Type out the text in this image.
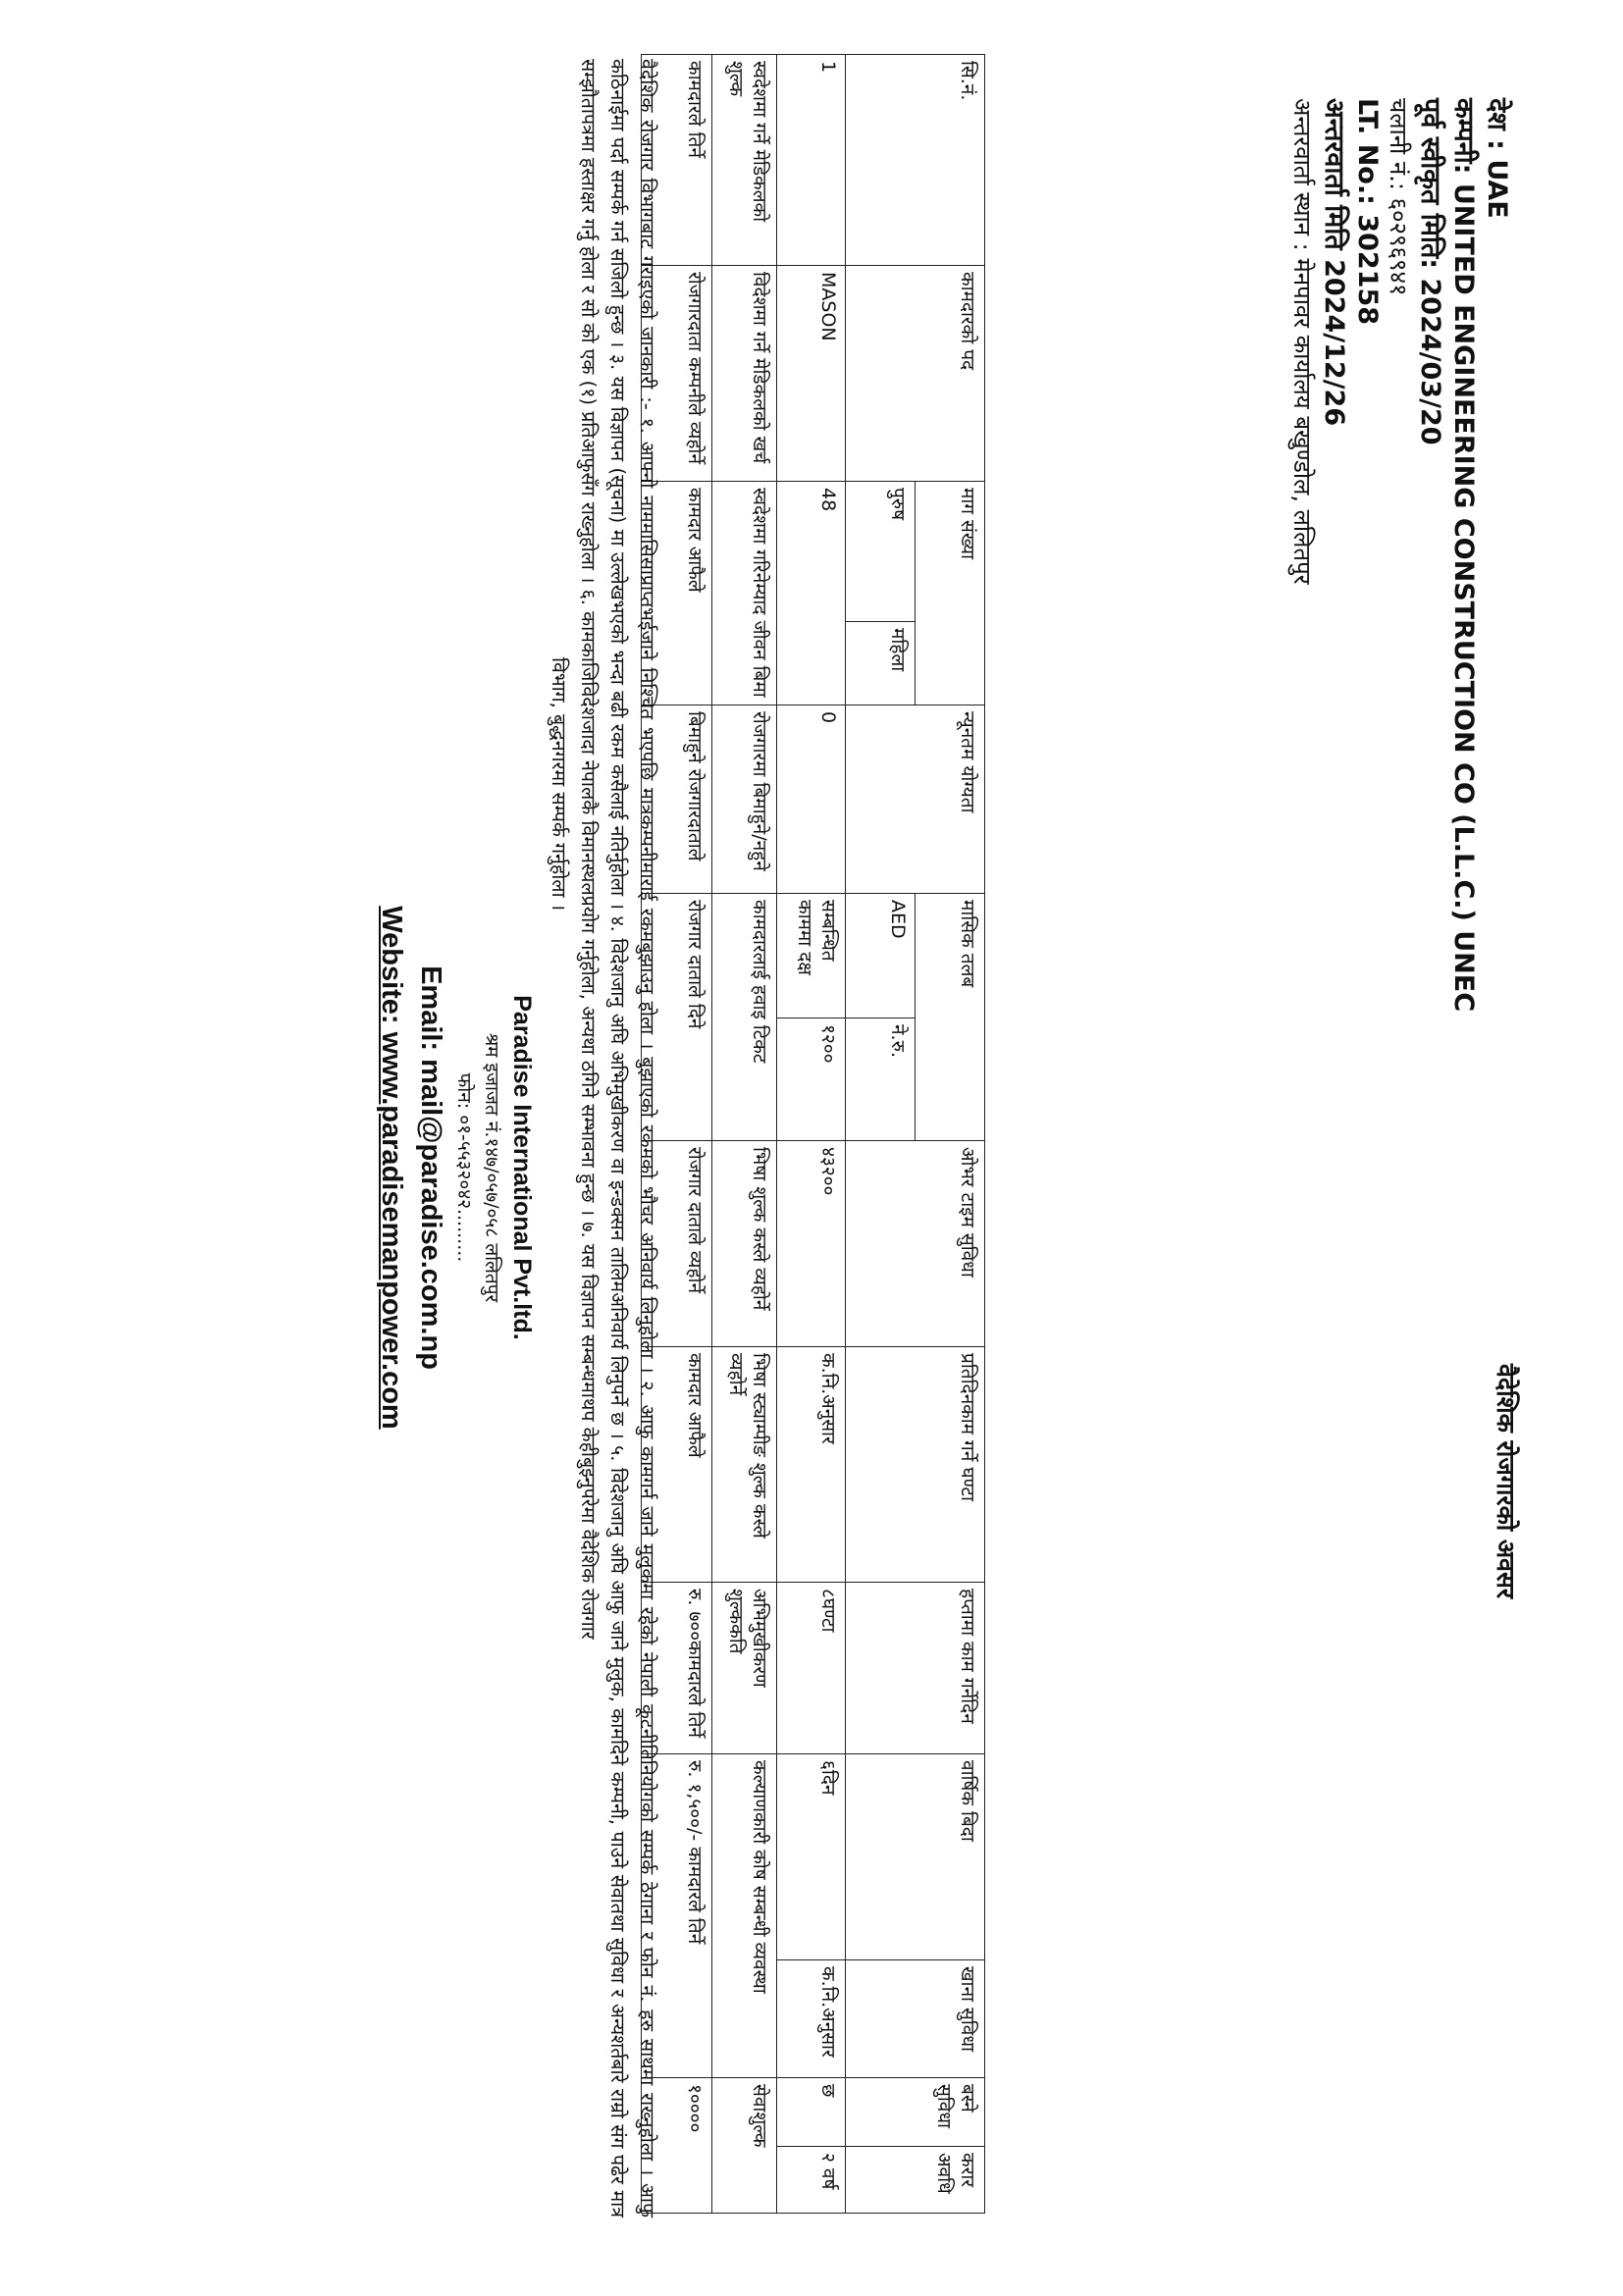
वैदेशिक रोजगारको अवसर
देश : UAE
कम्पनी: UNITED ENGINEERING CONSTRUCTION CO (L.L.C.) UNEC
पूर्व स्वीकृत मिति: 2024/03/20
चलानी नं.: ६०२९६९४१
LT. No.: 302158
अन्तरवार्ता मिति 2024/12/26
अन्तरवार्ता स्थान : मेनपावर कार्यालय बखुण्डोल, ललितपुर
सि.नं.	कामदारको पद	माग संख्या		न्यूनतम योग्यता	मासिक तलब		ओभर टाइम सुविधा	प्रतिदिनकाम गर्ने घण्टा	हप्तामा काम गर्नेदिन	वार्षिक बिदा	खाना सुविधा	बस्ने सुविधा	करार अवधि
		पुरुष	महिला		AED	ने.रु.							
1	MASON	48		0	सम्बन्धित काममा दक्ष	१२००	४३२००	क.नि.अनुसार	८घण्टा	६दिन	क.नि.अनुसार	छ	२ वर्ष
स्वदेशमा गर्ने मेडिकलको शुल्क	विदेशमा गर्ने मेडिकलको खर्च	स्वदेशमा गरिनेम्याद जीवन बिमा		रोजगारमा बिमाहुने/नहुने	कामदारलाई हवाइ टिकट		भिषा शुल्क कस्ले व्यहोर्ने	भिषा स्ट्याम्पीङ शुल्क कस्ले व्यहोर्ने	अभिमुखीकरण शुल्ककति	कल्याणकारी कोष सम्बन्धी व्यवस्था		सेवाशुल्क	
कामदारले तिर्ने	रोजगारदाता कम्पनीले व्यहोर्ने	कामदार आफैले		बिमाहुने रोजगारदाताले	रोजगार दाताले दिने		रोजगार दाताले व्यहोर्ने	कामदार आफैले	रु. ७००कामदारले तिर्ने	रु. १,५००/- कामदारले तिर्ने		१००००	
वैदेशिक रोजगार विभागबाट गराइएको जानकारी :- १. आफ्नो नाममासिसाप्राप्तभईजाने निश्चित भएपछि मात्रकम्पनीमाराई रकमबुझाउनु होला । बुझाएको रकमको भौचर अनिवार्य लिनुहोला । २. आफु कामगर्न जाने मुलुकमा रहेको नेपाली कूटनीतिनियोगको सम्पर्क ठेगाना र फोन नं. हरु साथमा राख्नुहोला । आफु कठिनाईमा पर्दा सम्पर्क गर्न सजिलो हुन्छ । ३. यस विज्ञापन (सूचना) मा उल्लेखभएको भन्दा बढी रकम कसैलाई नतिर्नुहोला । ४. विदेशजानु अघि अभिमुखीकरण वा इन्डक्सन तालिमअनिवार्य लिनुपर्ने छ । ५. विदेशजानु अघि आफु जाने मुलुक, कामदिने कम्पनी, पाउने सेवातथा सुविधा र अन्यशर्तबारे राम्रो संग पढेर मात्र सम्झौतापत्रमा हस्ताक्षर गर्नु होला र सो को एक (१) प्रतिआफुसँग राख्नुहोला । ६. कामकाजिविदेशजादा नेपालकै विमानस्थलप्रयोग गर्नुहोला, अन्यथा ठगिने सम्भावना हुन्छ । ७. यस विज्ञापन सम्बन्धमाथप केहीबुझ्नुपरेमा वैदेशिक रोजगार
विभाग, बुद्धनगरमा सम्पर्क गर्नुहोला ।
Paradise International Pvt.ltd.
श्रम इजाजत नं.१४७/०५७/०५८ ललितपुर
फोन: ०१-५५३२०४२.........
Email: mail@paradise.com.np
Website: www.paradisemanpower.com
